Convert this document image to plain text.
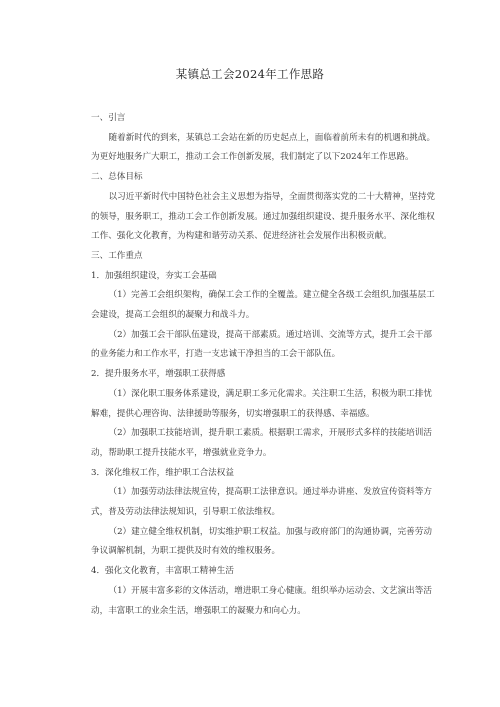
某镇总工会2024年工作思路

一、引言

随着新时代的到来，某镇总工会站在新的历史起点上，面临着前所未有的机遇和挑战。为更好地服务广大职工，推动工会工作创新发展，我们制定了以下2024年工作思路。

二、总体目标

以习近平新时代中国特色社会主义思想为指导，全面贯彻落实党的二十大精神，坚持党的领导，服务职工，推动工会工作创新发展。通过加强组织建设、提升服务水平、深化维权工作、强化文化教育，为构建和谐劳动关系、促进经济社会发展作出积极贡献。

三、工作重点

1．加强组织建设，夯实工会基础

（1）完善工会组织架构，确保工会工作的全覆盖。建立健全各级工会组织,加强基层工会建设，提高工会组织的凝聚力和战斗力。

（2）加强工会干部队伍建设，提高干部素质。通过培训、交流等方式，提升工会干部的业务能力和工作水平，打造一支忠诚干净担当的工会干部队伍。

2．提升服务水平，增强职工获得感

（1）深化职工服务体系建设，满足职工多元化需求。关注职工生活，积极为职工排忧解难，提供心理咨询、法律援助等服务，切实增强职工的获得感、幸福感。

（2）加强职工技能培训，提升职工素质。根据职工需求，开展形式多样的技能培训活动，帮助职工提升技能水平，增强就业竞争力。

3．深化维权工作，维护职工合法权益

（1）加强劳动法律法规宣传，提高职工法律意识。通过举办讲座、发放宣传资料等方式，普及劳动法律法规知识，引导职工依法维权。

（2）建立健全维权机制，切实维护职工权益。加强与政府部门的沟通协调，完善劳动争议调解机制，为职工提供及时有效的维权服务。

4．强化文化教育，丰富职工精神生活

（1）开展丰富多彩的文体活动，增进职工身心健康。组织举办运动会、文艺演出等活动，丰富职工的业余生活，增强职工的凝聚力和向心力。
